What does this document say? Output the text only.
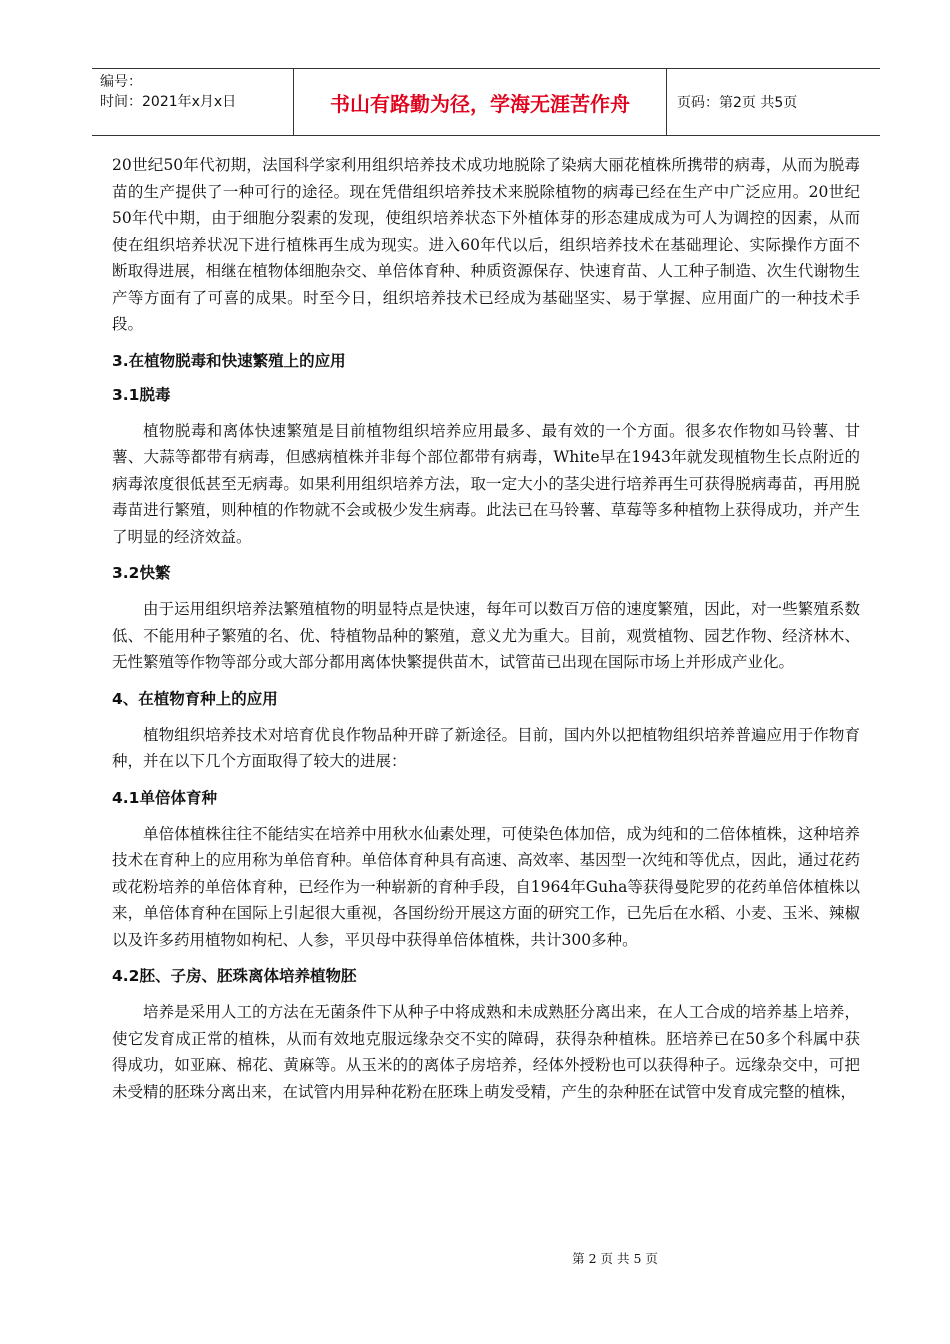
编号：
时间：2021年x月x日	书山有路勤为径，学海无涯苦作舟	页码：第2页 共5页

20世纪50年代初期，法国科学家利用组织培养技术成功地脱除了染病大丽花植株所携带的病毒，从而为脱毒苗的生产提供了一种可行的途径。现在凭借组织培养技术来脱除植物的病毒已经在生产中广泛应用。20世纪50年代中期，由于细胞分裂素的发现，使组织培养状态下外植体芽的形态建成成为可人为调控的因素，从而使在组织培养状况下进行植株再生成为现实。进入60年代以后，组织培养技术在基础理论、实际操作方面不断取得进展，相继在植物体细胞杂交、单倍体育种、种质资源保存、快速育苗、人工种子制造、次生代谢物生产等方面有了可喜的成果。时至今日，组织培养技术已经成为基础坚实、易于掌握、应用面广的一种技术手段。

3.在植物脱毒和快速繁殖上的应用
3.1脱毒

植物脱毒和离体快速繁殖是目前植物组织培养应用最多、最有效的一个方面。很多农作物如马铃薯、甘薯、大蒜等都带有病毒，但感病植株并非每个部位都带有病毒，White早在1943年就发现植物生长点附近的病毒浓度很低甚至无病毒。如果利用组织培养方法，取一定大小的茎尖进行培养再生可获得脱病毒苗，再用脱毒苗进行繁殖，则种植的作物就不会或极少发生病毒。此法已在马铃薯、草莓等多种植物上获得成功，并产生了明显的经济效益。

3.2快繁

由于运用组织培养法繁殖植物的明显特点是快速，每年可以数百万倍的速度繁殖，因此，对一些繁殖系数低、不能用种子繁殖的名、优、特植物品种的繁殖，意义尤为重大。目前，观赏植物、园艺作物、经济林木、无性繁殖等作物等部分或大部分都用离体快繁提供苗木，试管苗已出现在国际市场上并形成产业化。

4、在植物育种上的应用

植物组织培养技术对培育优良作物品种开辟了新途径。目前，国内外以把植物组织培养普遍应用于作物育种，并在以下几个方面取得了较大的进展：

4.1单倍体育种

单倍体植株往往不能结实在培养中用秋水仙素处理，可使染色体加倍，成为纯和的二倍体植株，这种培养技术在育种上的应用称为单倍育种。单倍体育种具有高速、高效率、基因型一次纯和等优点，因此，通过花药或花粉培养的单倍体育种，已经作为一种崭新的育种手段，自1964年Guha等获得曼陀罗的花药单倍体植株以来，单倍体育种在国际上引起很大重视，各国纷纷开展这方面的研究工作，已先后在水稻、小麦、玉米、辣椒以及许多药用植物如枸杞、人参，平贝母中获得单倍体植株，共计300多种。

4.2胚、子房、胚珠离体培养植物胚

培养是采用人工的方法在无菌条件下从种子中将成熟和未成熟胚分离出来，在人工合成的培养基上培养，使它发育成正常的植株，从而有效地克服远缘杂交不实的障碍，获得杂种植株。胚培养已在50多个科属中获得成功，如亚麻、棉花、黄麻等。从玉米的的离体子房培养，经体外授粉也可以获得种子。远缘杂交中，可把未受精的胚珠分离出来，在试管内用异种花粉在胚珠上萌发受精，产生的杂种胚在试管中发育成完整的植株，

第 2 页 共 5 页
